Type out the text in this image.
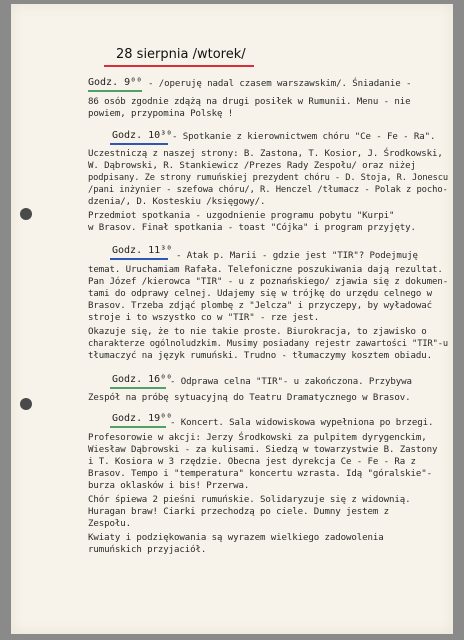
28 sierpnia /wtorek/
Godz. 9⁰⁰ - /operuję nadal czasem warszawskim/. Śniadanie -
86 osób zgodnie zdążą na drugi posiłek w Rumunii. Menu - nie
powiem, przypomina Polskę !
Godz. 10³⁰ - Spotkanie z kierownictwem chóru "Ce - Fe - Ra".
Uczestniczą z naszej strony: B. Zastona, T. Kosior, J. Środkowski,
W. Dąbrowski, R. Stankiewicz /Prezes Rady Zespołu/ oraz niżej
podpisany. Ze strony rumuńskiej prezydent chóru - D. Stoja, R. Jonescu
/pani inżynier - szefowa chóru/, R. Henczel /tłumacz - Polak z pocho-
dzenia/, D. Kosteskiu /księgowy/.
Przedmiot spotkania - uzgodnienie programu pobytu "Kurpi"
w Brasov. Finał spotkania - toast "Cójka" i program przyjęty.
Godz. 11³⁰ - Atak p. Marii - gdzie jest "TIR"? Podejmuję
temat. Uruchamiam Rafała. Telefoniczne poszukiwania dają rezultat.
Pan Józef /kierowca "TIR" - u z poznańskiego/ zjawia się z dokumen-
tami do odprawy celnej. Udajemy się w trójkę do urzędu celnego w
Brasov. Trzeba zdjąć plombę z "Jelcza" i przyczepy, by wyładować
stroje i to wszystko co w "TIR" - rze jest.
Okazuje się, że to nie takie proste. Biurokracja, to zjawisko o
charakterze ogólnoludzkim. Musimy posiadany rejestr zawartości "TIR"-u
tłumaczyć na język rumuński. Trudno - tłumaczymy kosztem obiadu.
Godz. 16⁰⁰
- Odprawa celna "TIR"- u zakończona. Przybywa
Zespół na próbę sytuacyjną do Teatru Dramatycznego w Brasov.
Godz. 19⁰⁰
- Koncert. Sala widowiskowa wypełniona po brzegi.
Profesorowie w akcji: Jerzy Środkowski za pulpitem dyrygenckim,
Wiesław Dąbrowski - za kulisami. Siedzą w towarzystwie B. Zastony
i T. Kosiora w 3 rzędzie. Obecna jest dyrekcja Ce - Fe - Ra z
Brasov. Tempo i "temperatura" koncertu wzrasta. Idą "góralskie"-
burza oklasków i bis! Przerwa.
Chór śpiewa 2 pieśni rumuńskie. Solidaryzuje się z widownią.
Huragan braw! Ciarki przechodzą po ciele. Dumny jestem z
Zespołu.
Kwiaty i podziękowania są wyrazem wielkiego zadowolenia
rumuńskich przyjaciół.
